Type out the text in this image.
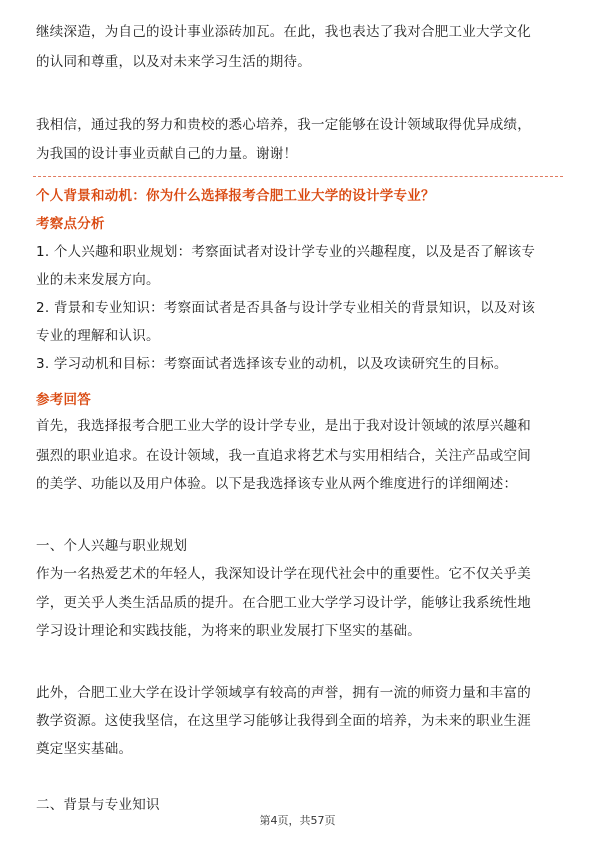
继续深造，为自己的设计事业添砖加瓦。在此，我也表达了我对合肥工业大学文化
的认同和尊重，以及对未来学习生活的期待。
我相信，通过我的努力和贵校的悉心培养，我一定能够在设计领域取得优异成绩，
为我国的设计事业贡献自己的力量。谢谢！
个人背景和动机：你为什么选择报考合肥工业大学的设计学专业？
考察点分析
1. 个人兴趣和职业规划：考察面试者对设计学专业的兴趣程度，以及是否了解该专
业的未来发展方向。
2. 背景和专业知识：考察面试者是否具备与设计学专业相关的背景知识，以及对该
专业的理解和认识。
3. 学习动机和目标：考察面试者选择该专业的动机，以及攻读研究生的目标。
参考回答
首先，我选择报考合肥工业大学的设计学专业，是出于我对设计领域的浓厚兴趣和
强烈的职业追求。在设计领域，我一直追求将艺术与实用相结合，关注产品或空间
的美学、功能以及用户体验。以下是我选择该专业从两个维度进行的详细阐述：
一、个人兴趣与职业规划
作为一名热爱艺术的年轻人，我深知设计学在现代社会中的重要性。它不仅关乎美
学，更关乎人类生活品质的提升。在合肥工业大学学习设计学，能够让我系统性地
学习设计理论和实践技能，为将来的职业发展打下坚实的基础。
此外，合肥工业大学在设计学领域享有较高的声誉，拥有一流的师资力量和丰富的
教学资源。这使我坚信，在这里学习能够让我得到全面的培养，为未来的职业生涯
奠定坚实基础。
二、背景与专业知识
第4页，共57页
